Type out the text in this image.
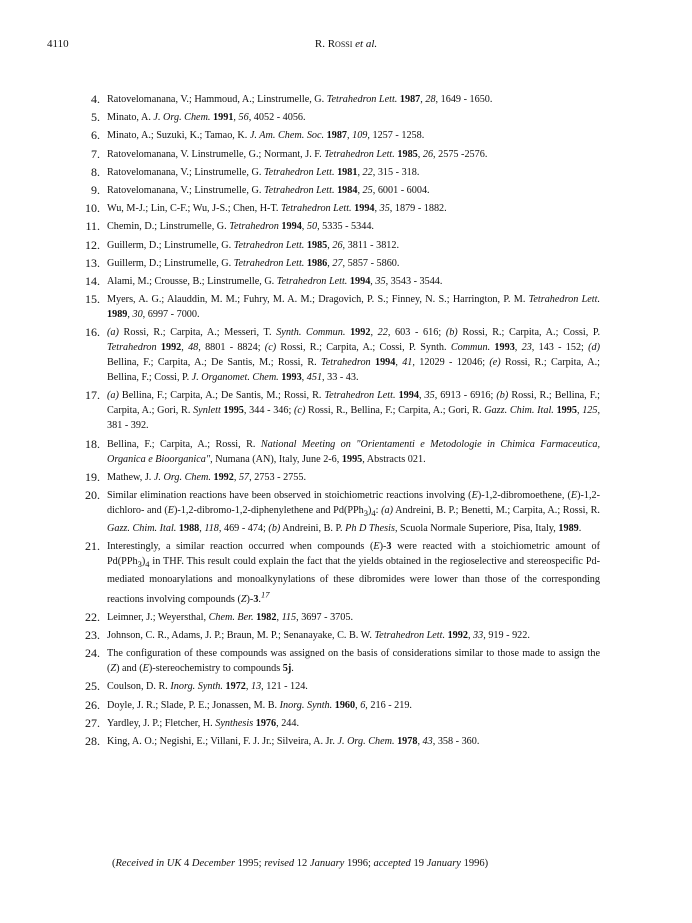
4110	R. Rossi et al.
4. Ratovelomanana, V.; Hammoud, A.; Linstrumelle, G. Tetrahedron Lett. 1987, 28, 1649 - 1650.
5. Minato, A. J. Org. Chem. 1991, 56, 4052 - 4056.
6. Minato, A.; Suzuki, K.; Tamao, K. J. Am. Chem. Soc. 1987, 109, 1257 - 1258.
7. Ratovelomanana, V. Linstrumelle, G.; Normant, J. F. Tetrahedron Lett. 1985, 26, 2575 -2576.
8. Ratovelomanana, V.; Linstrumelle, G. Tetrahedron Lett. 1981, 22, 315 - 318.
9. Ratovelomanana, V.; Linstrumelle, G. Tetrahedron Lett. 1984, 25, 6001 - 6004.
10. Wu, M-J.; Lin, C-F.; Wu, J-S.; Chen, H-T. Tetrahedron Lett. 1994, 35, 1879 - 1882.
11. Chemin, D.; Linstrumelle, G. Tetrahedron 1994, 50, 5335 - 5344.
12. Guillerm, D.; Linstrumelle, G. Tetrahedron Lett. 1985, 26, 3811 - 3812.
13. Guillerm, D.; Linstrumelle, G. Tetrahedron Lett. 1986, 27, 5857 - 5860.
14. Alami, M.; Crousse, B.; Linstrumelle, G. Tetrahedron Lett. 1994, 35, 3543 - 3544.
15. Myers, A. G.; Alauddin, M. M.; Fuhry, M. A. M.; Dragovich, P. S.; Finney, N. S.; Harrington, P. M. Tetrahedron Lett. 1989, 30, 6997 - 7000.
16. (a) Rossi, R.; Carpita, A.; Messeri, T. Synth. Commun. 1992, 22, 603 - 616; (b) Rossi, R.; Carpita, A.; Cossi, P. Tetrahedron 1992, 48, 8801 - 8824; (c) Rossi, R.; Carpita, A.; Cossi, P. Synth. Commun. 1993, 23, 143 - 152; (d) Bellina, F.; Carpita, A.; De Santis, M.; Rossi, R. Tetrahedron 1994, 41, 12029 - 12046; (e) Rossi, R.; Carpita, A.; Bellina, F.; Cossi, P. J. Organomet. Chem. 1993, 451, 33 - 43.
17. (a) Bellina, F.; Carpita, A.; De Santis, M.; Rossi, R. Tetrahedron Lett. 1994, 35, 6913 - 6916; (b) Rossi, R.; Bellina, F.; Carpita, A.; Gori, R. Synlett 1995, 344 - 346; (c) Rossi, R., Bellina, F.; Carpita, A.; Gori, R. Gazz. Chim. Ital. 1995, 125, 381 - 392.
18. Bellina, F.; Carpita, A.; Rossi, R. National Meeting on "Orientamenti e Metodologie in Chimica Farmaceutica, Organica e Bioorganica", Numana (AN), Italy, June 2-6, 1995, Abstracts 021.
19. Mathew, J. J. Org. Chem. 1992, 57, 2753 - 2755.
20. Similar elimination reactions have been observed in stoichiometric reactions involving (E)-1,2-dibromoethene, (E)-1,2-dichloro- and (E)-1,2-dibromo-1,2-diphenylethene and $Pd(PPh_3)_4$: (a) Andreini, B. P.; Benetti, M.; Carpita, A.; Rossi, R. Gazz. Chim. Ital. 1988, 118, 469 - 474; (b) Andreini, B. P. Ph D Thesis, Scuola Normale Superiore, Pisa, Italy, 1989.
21. Interestingly, a similar reaction occurred when compounds (E)-3 were reacted with a stoichiometric amount of $Pd(PPh_3)_4$ in THF. This result could explain the fact that the yields obtained in the regioselective and stereospecific Pd-mediated monoarylations and monoalkynylations of these dibromides were lower than those of the corresponding reactions involving compounds (Z)-3.17
22. Leimner, J.; Weyersthal, Chem. Ber. 1982, 115, 3697 - 3705.
23. Johnson, C. R., Adams, J. P.; Braun, M. P.; Senanayake, C. B. W. Tetrahedron Lett. 1992, 33, 919 - 922.
24. The configuration of these compounds was assigned on the basis of considerations similar to those made to assign the (Z) and (E)-stereochemistry to compounds 5j.
25. Coulson, D. R. Inorg. Synth. 1972, 13, 121 - 124.
26. Doyle, J. R.; Slade, P. E.; Jonassen, M. B. Inorg. Synth. 1960, 6, 216 - 219.
27. Yardley, J. P.; Fletcher, H. Synthesis 1976, 244.
28. King, A. O.; Negishi, E.; Villani, F. J. Jr.; Silveira, A. Jr. J. Org. Chem. 1978, 43, 358 - 360.
(Received in UK 4 December 1995; revised 12 January 1996; accepted 19 January 1996)
